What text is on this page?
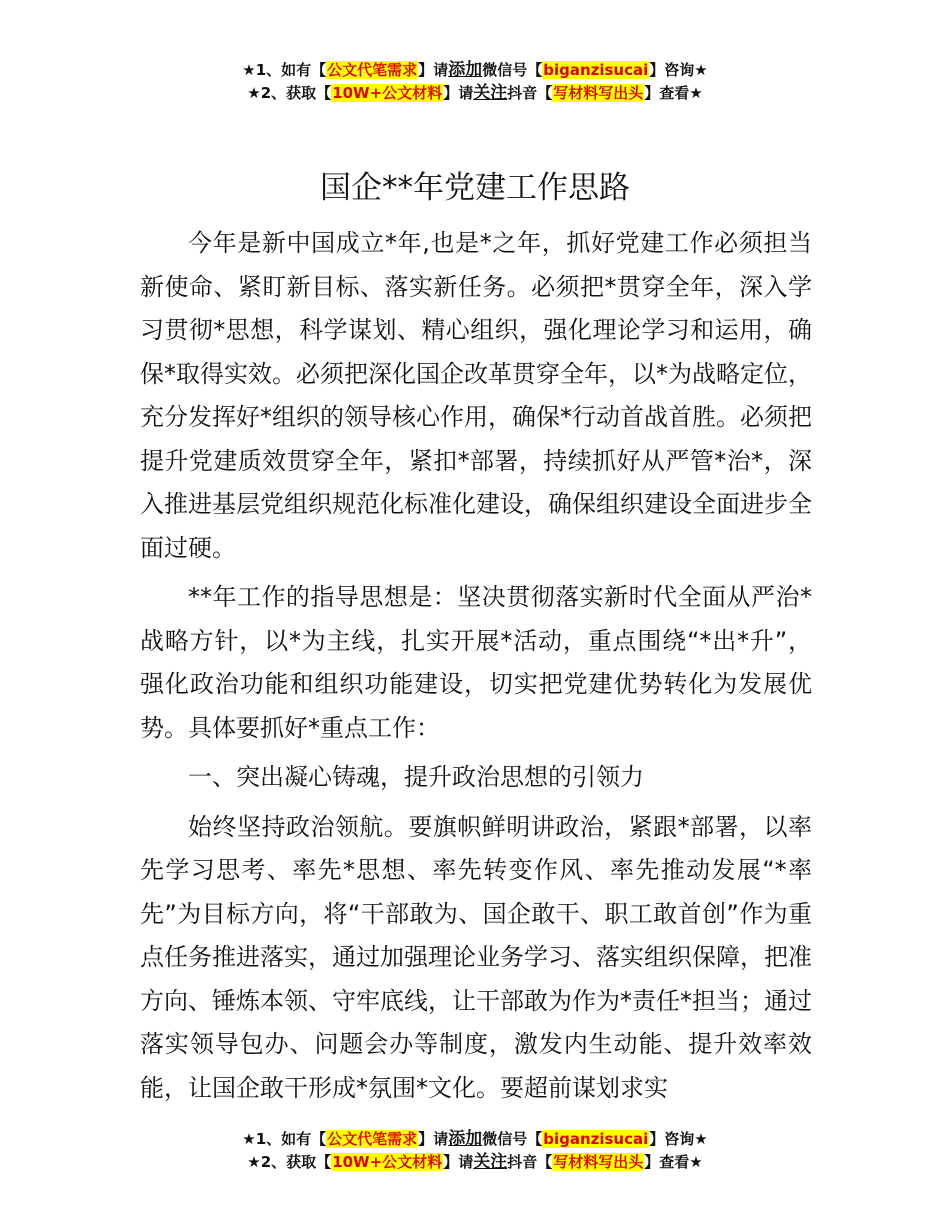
★1、如有【公文代笔需求】请添加微信号【biganzisucai】咨询★
★2、获取【10W+公文材料】请关注抖音【写材料写出头】查看★
国企**年党建工作思路

今年是新中国成立*年,也是*之年，抓好党建工作必须担当新使命、紧盯新目标、落实新任务。必须把*贯穿全年，深入学习贯彻*思想，科学谋划、精心组织，强化理论学习和运用，确保*取得实效。必须把深化国企改革贯穿全年，以*为战略定位，充分发挥好*组织的领导核心作用，确保*行动首战首胜。必须把提升党建质效贯穿全年，紧扣*部署，持续抓好从严管*治*，深入推进基层党组织规范化标准化建设，确保组织建设全面进步全面过硬。

**年工作的指导思想是：坚决贯彻落实新时代全面从严治*战略方针，以*为主线，扎实开展*活动，重点围绕“*出*升”，强化政治功能和组织功能建设，切实把党建优势转化为发展优势。具体要抓好*重点工作：

一、突出凝心铸魂，提升政治思想的引领力

始终坚持政治领航。要旗帜鲜明讲政治，紧跟*部署，以率先学习思考、率先*思想、率先转变作风、率先推动发展“*率先”为目标方向，将“干部敢为、国企敢干、职工敢首创”作为重点任务推进落实，通过加强理论业务学习、落实组织保障，把准方向、锤炼本领、守牢底线，让干部敢为作为*责任*担当；通过落实领导包办、问题会办等制度，激发内生动能、提升效率效能，让国企敢干形成*氛围*文化。要超前谋划求实

★1、如有【公文代笔需求】请添加微信号【biganzisucai】咨询★
★2、获取【10W+公文材料】请关注抖音【写材料写出头】查看★
